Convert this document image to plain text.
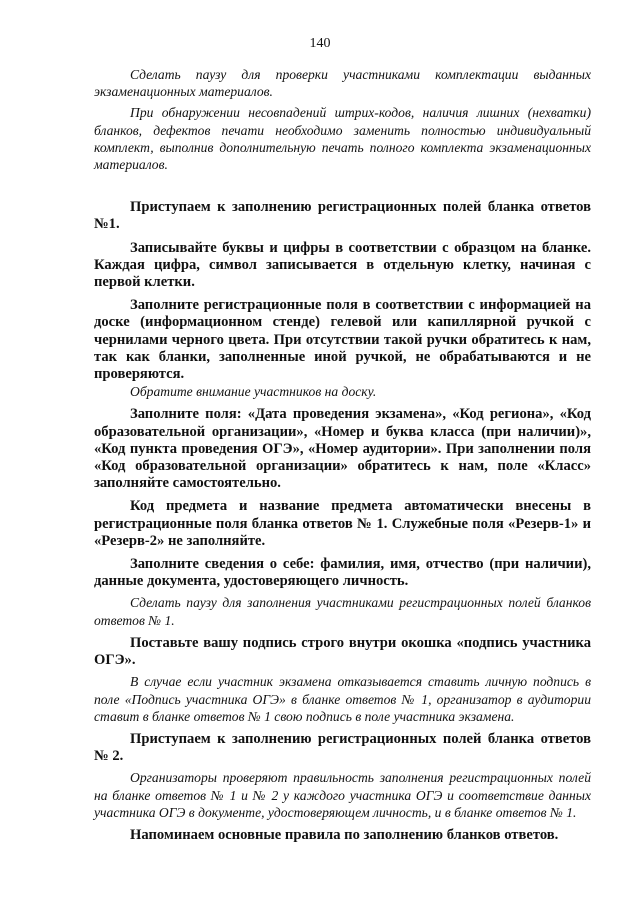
140

Сделать паузу для проверки участниками комплектации выданных экзаменационных материалов.

При обнаружении несовпадений штрих-кодов, наличия лишних (нехватки) бланков, дефектов печати необходимо заменить полностью индивидуальный комплект, выполнив дополнительную печать полного комплекта экзаменационных материалов.

Приступаем к заполнению регистрационных полей бланка ответов №1.

Записывайте буквы и цифры в соответствии с образцом на бланке. Каждая цифра, символ записывается в отдельную клетку, начиная с первой клетки.

Заполните регистрационные поля в соответствии с информацией на доске (информационном стенде) гелевой или капиллярной ручкой с чернилами черного цвета. При отсутствии такой ручки обратитесь к нам, так как бланки, заполненные иной ручкой, не обрабатываются и не проверяются.

Обратите внимание участников на доску.

Заполните поля: «Дата проведения экзамена», «Код региона», «Код образовательной организации», «Номер и буква класса (при наличии)», «Код пункта проведения ОГЭ», «Номер аудитории». При заполнении поля «Код образовательной организации» обратитесь к нам, поле «Класс» заполняйте самостоятельно.

Код предмета и название предмета автоматически внесены в регистрационные поля бланка ответов № 1. Служебные поля «Резерв-1» и «Резерв-2» не заполняйте.

Заполните сведения о себе: фамилия, имя, отчество (при наличии), данные документа, удостоверяющего личность.

Сделать паузу для заполнения участниками регистрационных полей бланков ответов № 1.

Поставьте вашу подпись строго внутри окошка «подпись участника ОГЭ».

В случае если участник экзамена отказывается ставить личную подпись в поле «Подпись участника ОГЭ» в бланке ответов № 1, организатор в аудитории ставит в бланке ответов № 1 свою подпись в поле участника экзамена.

Приступаем к заполнению регистрационных полей бланка ответов № 2.

Организаторы проверяют правильность заполнения регистрационных полей на бланке ответов № 1 и № 2 у каждого участника ОГЭ и соответствие данных участника ОГЭ в документе, удостоверяющем личность, и в бланке ответов № 1.

Напоминаем основные правила по заполнению бланков ответов.
